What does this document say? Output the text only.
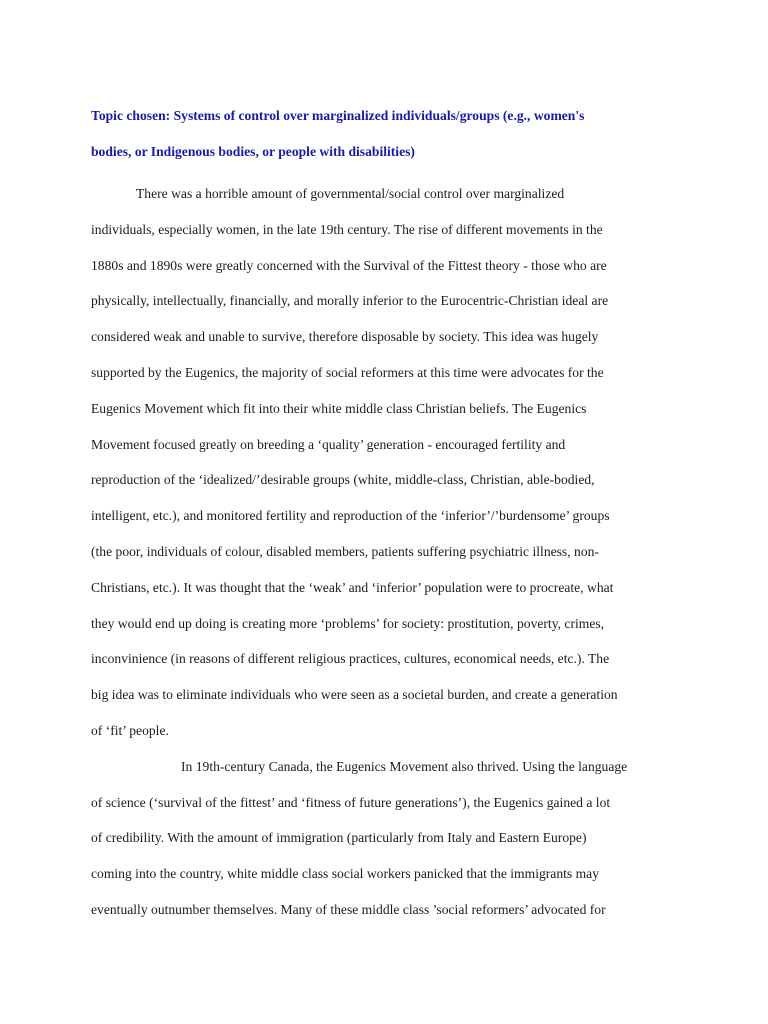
Topic chosen: Systems of control over marginalized individuals/groups (e.g., women's
bodies, or Indigenous bodies, or people with disabilities)
There was a horrible amount of governmental/social control over marginalized
individuals, especially women, in the late 19th century. The rise of different movements in the
1880s and 1890s were greatly concerned with the Survival of the Fittest theory - those who are
physically, intellectually, financially, and morally inferior to the Eurocentric-Christian ideal are
considered weak and unable to survive, therefore disposable by society. This idea was hugely
supported by the Eugenics, the majority of social reformers at this time were advocates for the
Eugenics Movement which fit into their white middle class Christian beliefs. The Eugenics
Movement focused greatly on breeding a ‘quality’ generation - encouraged fertility and
reproduction of the ‘idealized/’desirable groups (white, middle-class, Christian, able-bodied,
intelligent, etc.), and monitored fertility and reproduction of the ‘inferior’/’burdensome’ groups
(the poor, individuals of colour, disabled members, patients suffering psychiatric illness, non-
Christians, etc.). It was thought that the ‘weak’ and ‘inferior’ population were to procreate, what
they would end up doing is creating more ‘problems’ for society: prostitution, poverty, crimes,
inconvinience (in reasons of different religious practices, cultures, economical needs, etc.). The
big idea was to eliminate individuals who were seen as a societal burden, and create a generation
of ‘fit’ people.
In 19th-century Canada, the Eugenics Movement also thrived. Using the language
of science (‘survival of the fittest’ and ‘fitness of future generations’), the Eugenics gained a lot
of credibility. With the amount of immigration (particularly from Italy and Eastern Europe)
coming into the country, white middle class social workers panicked that the immigrants may
eventually outnumber themselves. Many of these middle class ’social reformers’ advocated for
